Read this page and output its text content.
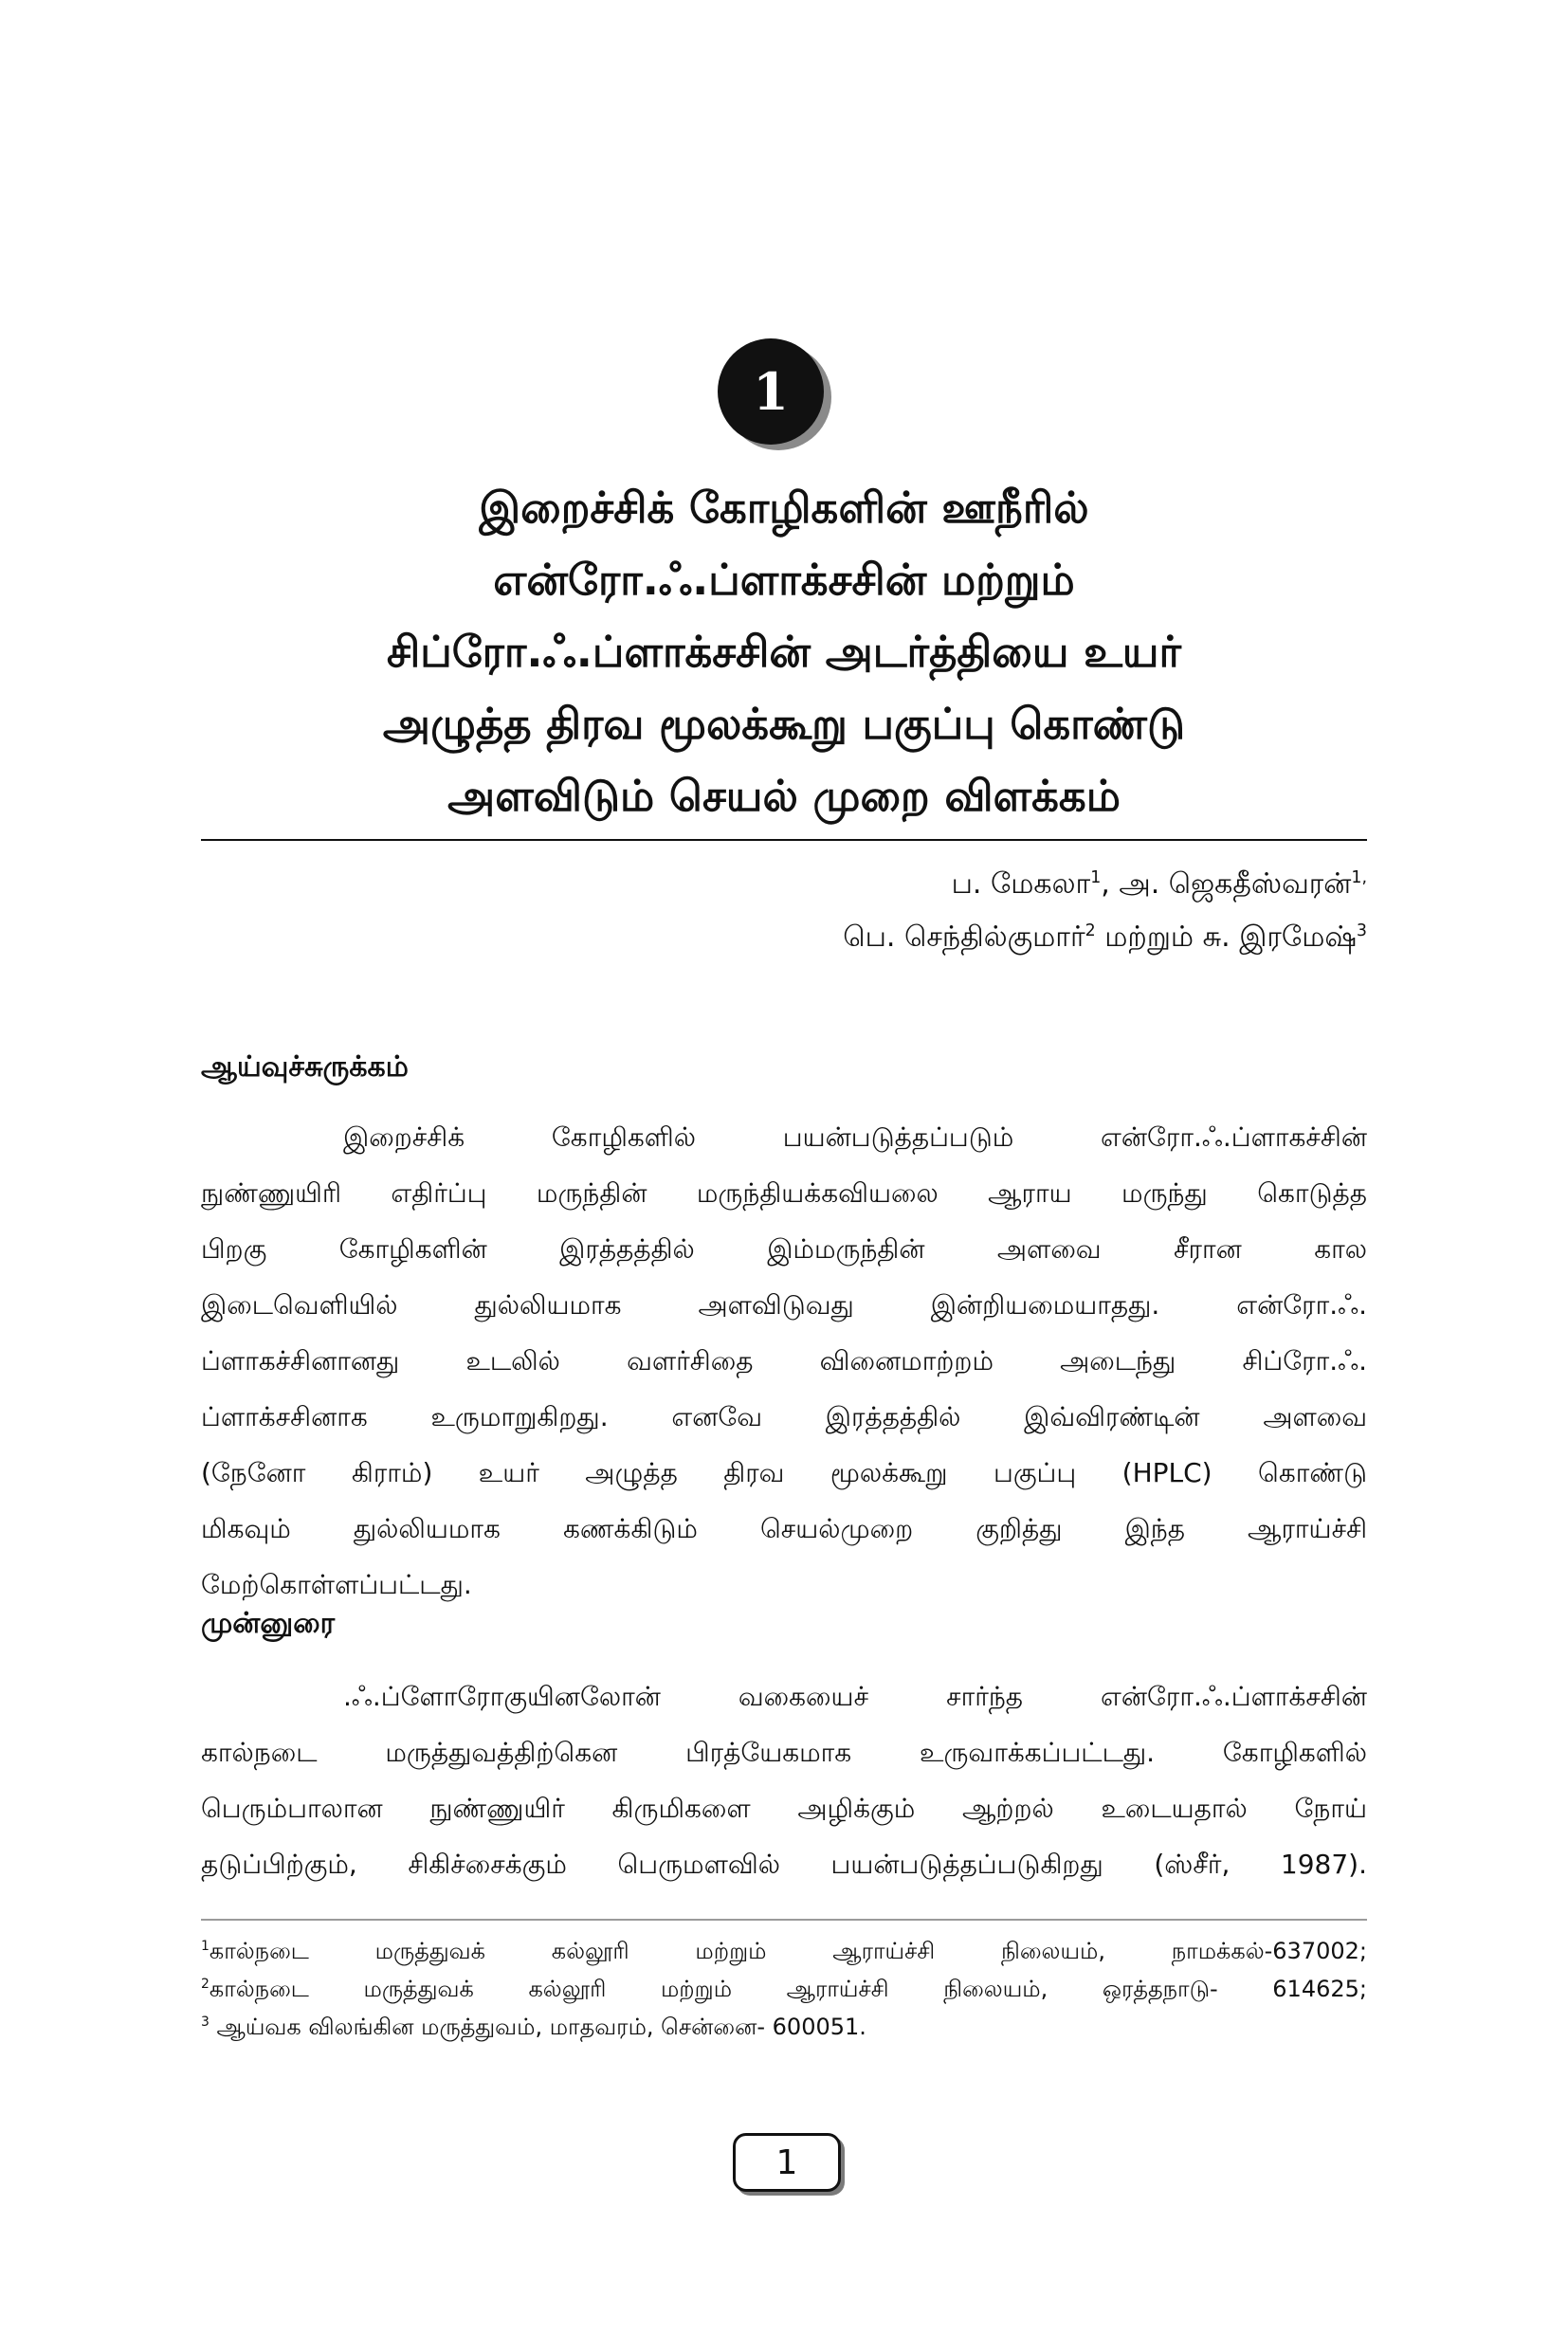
1
இறைச்சிக் கோழிகளின் ஊநீரில்
என்ரோ.ஃ.ப்ளாக்சசின் மற்றும்
சிப்ரோ.ஃ.ப்ளாக்சசின் அடர்த்தியை உயர்
அழுத்த திரவ மூலக்கூறு பகுப்பு கொண்டு
அளவிடும் செயல் முறை விளக்கம்
ப. மேகலா$^1$, அ. ஜெகதீஸ்வரன்$^{1,}$
பெ. செந்தில்குமார்$^2$ மற்றும் சு. இரமேஷ்$^3$
ஆய்வுச்சுருக்கம்
இறைச்சிக் கோழிகளில் பயன்படுத்தப்படும் என்ரோ.ஃ.ப்ளாகச்சின்
நுண்ணுயிரி எதிர்ப்பு மருந்தின் மருந்தியக்கவியலை ஆராய மருந்து கொடுத்த
பிறகு கோழிகளின் இரத்தத்தில் இம்மருந்தின் அளவை சீரான கால
இடைவெளியில் துல்லியமாக அளவிடுவது இன்றியமையாதது. என்ரோ.ஃ.
ப்ளாகச்சினானது உடலில் வளர்சிதை வினைமாற்றம் அடைந்து சிப்ரோ.ஃ.
ப்ளாக்சசினாக உருமாறுகிறது. எனவே இரத்தத்தில் இவ்விரண்டின் அளவை
(நேனோ கிராம்) உயர் அழுத்த திரவ மூலக்கூறு பகுப்பு (HPLC) கொண்டு
மிகவும் துல்லியமாக கணக்கிடும் செயல்முறை குறித்து இந்த ஆராய்ச்சி
மேற்கொள்ளப்பட்டது.
முன்னுரை
.ஃ.ப்ளோரோகுயினலோன் வகையைச் சார்ந்த என்ரோ.ஃ.ப்ளாக்சசின்
கால்நடை மருத்துவத்திற்கென பிரத்யேகமாக உருவாக்கப்பட்டது. கோழிகளில்
பெரும்பாலான நுண்ணுயிர் கிருமிகளை அழிக்கும் ஆற்றல் உடையதால் நோய்
தடுப்பிற்கும், சிகிச்சைக்கும் பெருமளவில் பயன்படுத்தப்படுகிறது (ஸ்சீர், 1987).
$^1$கால்நடை மருத்துவக் கல்லூரி மற்றும் ஆராய்ச்சி நிலையம், நாமக்கல்-637002;
$^2$கால்நடை மருத்துவக் கல்லூரி மற்றும் ஆராய்ச்சி நிலையம், ஒரத்தநாடு- 614625;
$^3$ ஆய்வக விலங்கின மருத்துவம், மாதவரம், சென்னை- 600051.
1
